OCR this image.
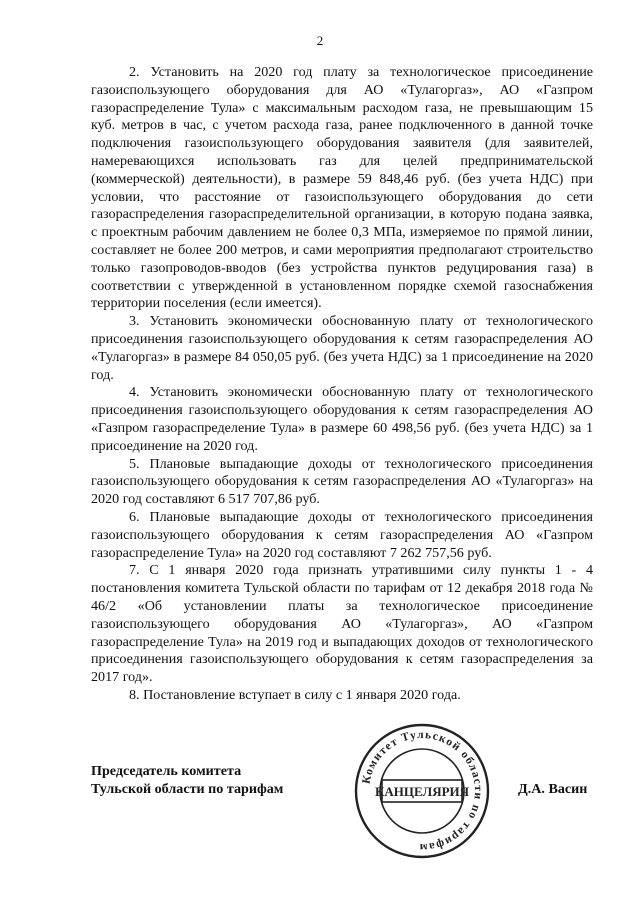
2

2. Установить на 2020 год плату за технологическое присоединение газоиспользующего оборудования для АО «Тулагоргаз», АО «Газпром газораспределение Тула» с максимальным расходом газа, не превышающим 15 куб. метров в час, с учетом расхода газа, ранее подключенного в данной точке подключения газоиспользующего оборудования заявителя (для заявителей, намеревающихся использовать газ для целей предпринимательской (коммерческой) деятельности), в размере 59 848,46 руб. (без учета НДС) при условии, что расстояние от газоиспользующего оборудования до сети газораспределения газораспределительной организации, в которую подана заявка, с проектным рабочим давлением не более 0,3 МПа, измеряемое по прямой линии, составляет не более 200 метров, и сами мероприятия предполагают строительство только газопроводов-вводов (без устройства пунктов редуцирования газа) в соответствии с утвержденной в установленном порядке схемой газоснабжения территории поселения (если имеется).

3. Установить экономически обоснованную плату от технологического присоединения газоиспользующего оборудования к сетям газораспределения АО «Тулагоргаз» в размере 84 050,05 руб. (без учета НДС) за 1 присоединение на 2020 год.

4. Установить экономически обоснованную плату от технологического присоединения газоиспользующего оборудования к сетям газораспределения АО «Газпром газораспределение Тула» в размере 60 498,56 руб. (без учета НДС) за 1 присоединение на 2020 год.

5. Плановые выпадающие доходы от технологического присоединения газоиспользующего оборудования к сетям газораспределения АО «Тулагоргаз» на 2020 год составляют 6 517 707,86 руб.

6. Плановые выпадающие доходы от технологического присоединения газоиспользующего оборудования к сетям газораспределения АО «Газпром газораспределение Тула» на 2020 год составляют 7 262 757,56 руб.

7. С 1 января 2020 года признать утратившими силу пункты 1 - 4 постановления комитета Тульской области по тарифам от 12 декабря 2018 года № 46/2 «Об установлении платы за технологическое присоединение газоиспользующего оборудования АО «Тулагоргаз», АО «Газпром газораспределение Тула» на 2019 год и выпадающих доходов от технологического присоединения газоиспользующего оборудования к сетям газораспределения за 2017 год».

8. Постановление вступает в силу с 1 января 2020 года.

Председатель комитета
Тульской области по тарифам	Д.А. Васин
Комитет Тульской области по тарифам
КАНЦЕЛЯРИЯ
